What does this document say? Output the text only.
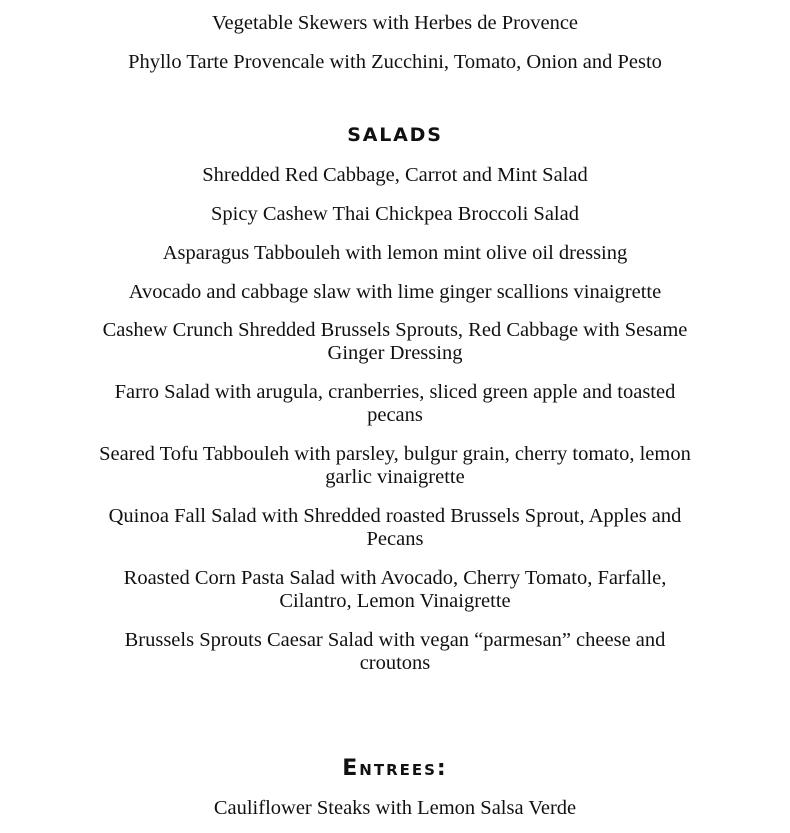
Vegetable Skewers with Herbes de Provence

Phyllo Tarte Provencale with Zucchini, Tomato, Onion and Pesto

SALADS

Shredded Red Cabbage, Carrot and Mint Salad

Spicy Cashew Thai Chickpea Broccoli Salad

Asparagus Tabbouleh with lemon mint olive oil dressing

Avocado and cabbage slaw with lime ginger scallions vinaigrette

Cashew Crunch Shredded Brussels Sprouts, Red Cabbage with Sesame Ginger Dressing

Farro Salad with arugula, cranberries, sliced green apple and toasted pecans

Seared Tofu Tabbouleh with parsley, bulgur grain, cherry tomato, lemon garlic vinaigrette

Quinoa Fall Salad with Shredded roasted Brussels Sprout, Apples and Pecans

Roasted Corn Pasta Salad with Avocado, Cherry Tomato, Farfalle, Cilantro, Lemon Vinaigrette

Brussels Sprouts Caesar Salad with vegan “parmesan” cheese and croutons

Entrees:

Cauliflower Steaks with Lemon Salsa Verde
